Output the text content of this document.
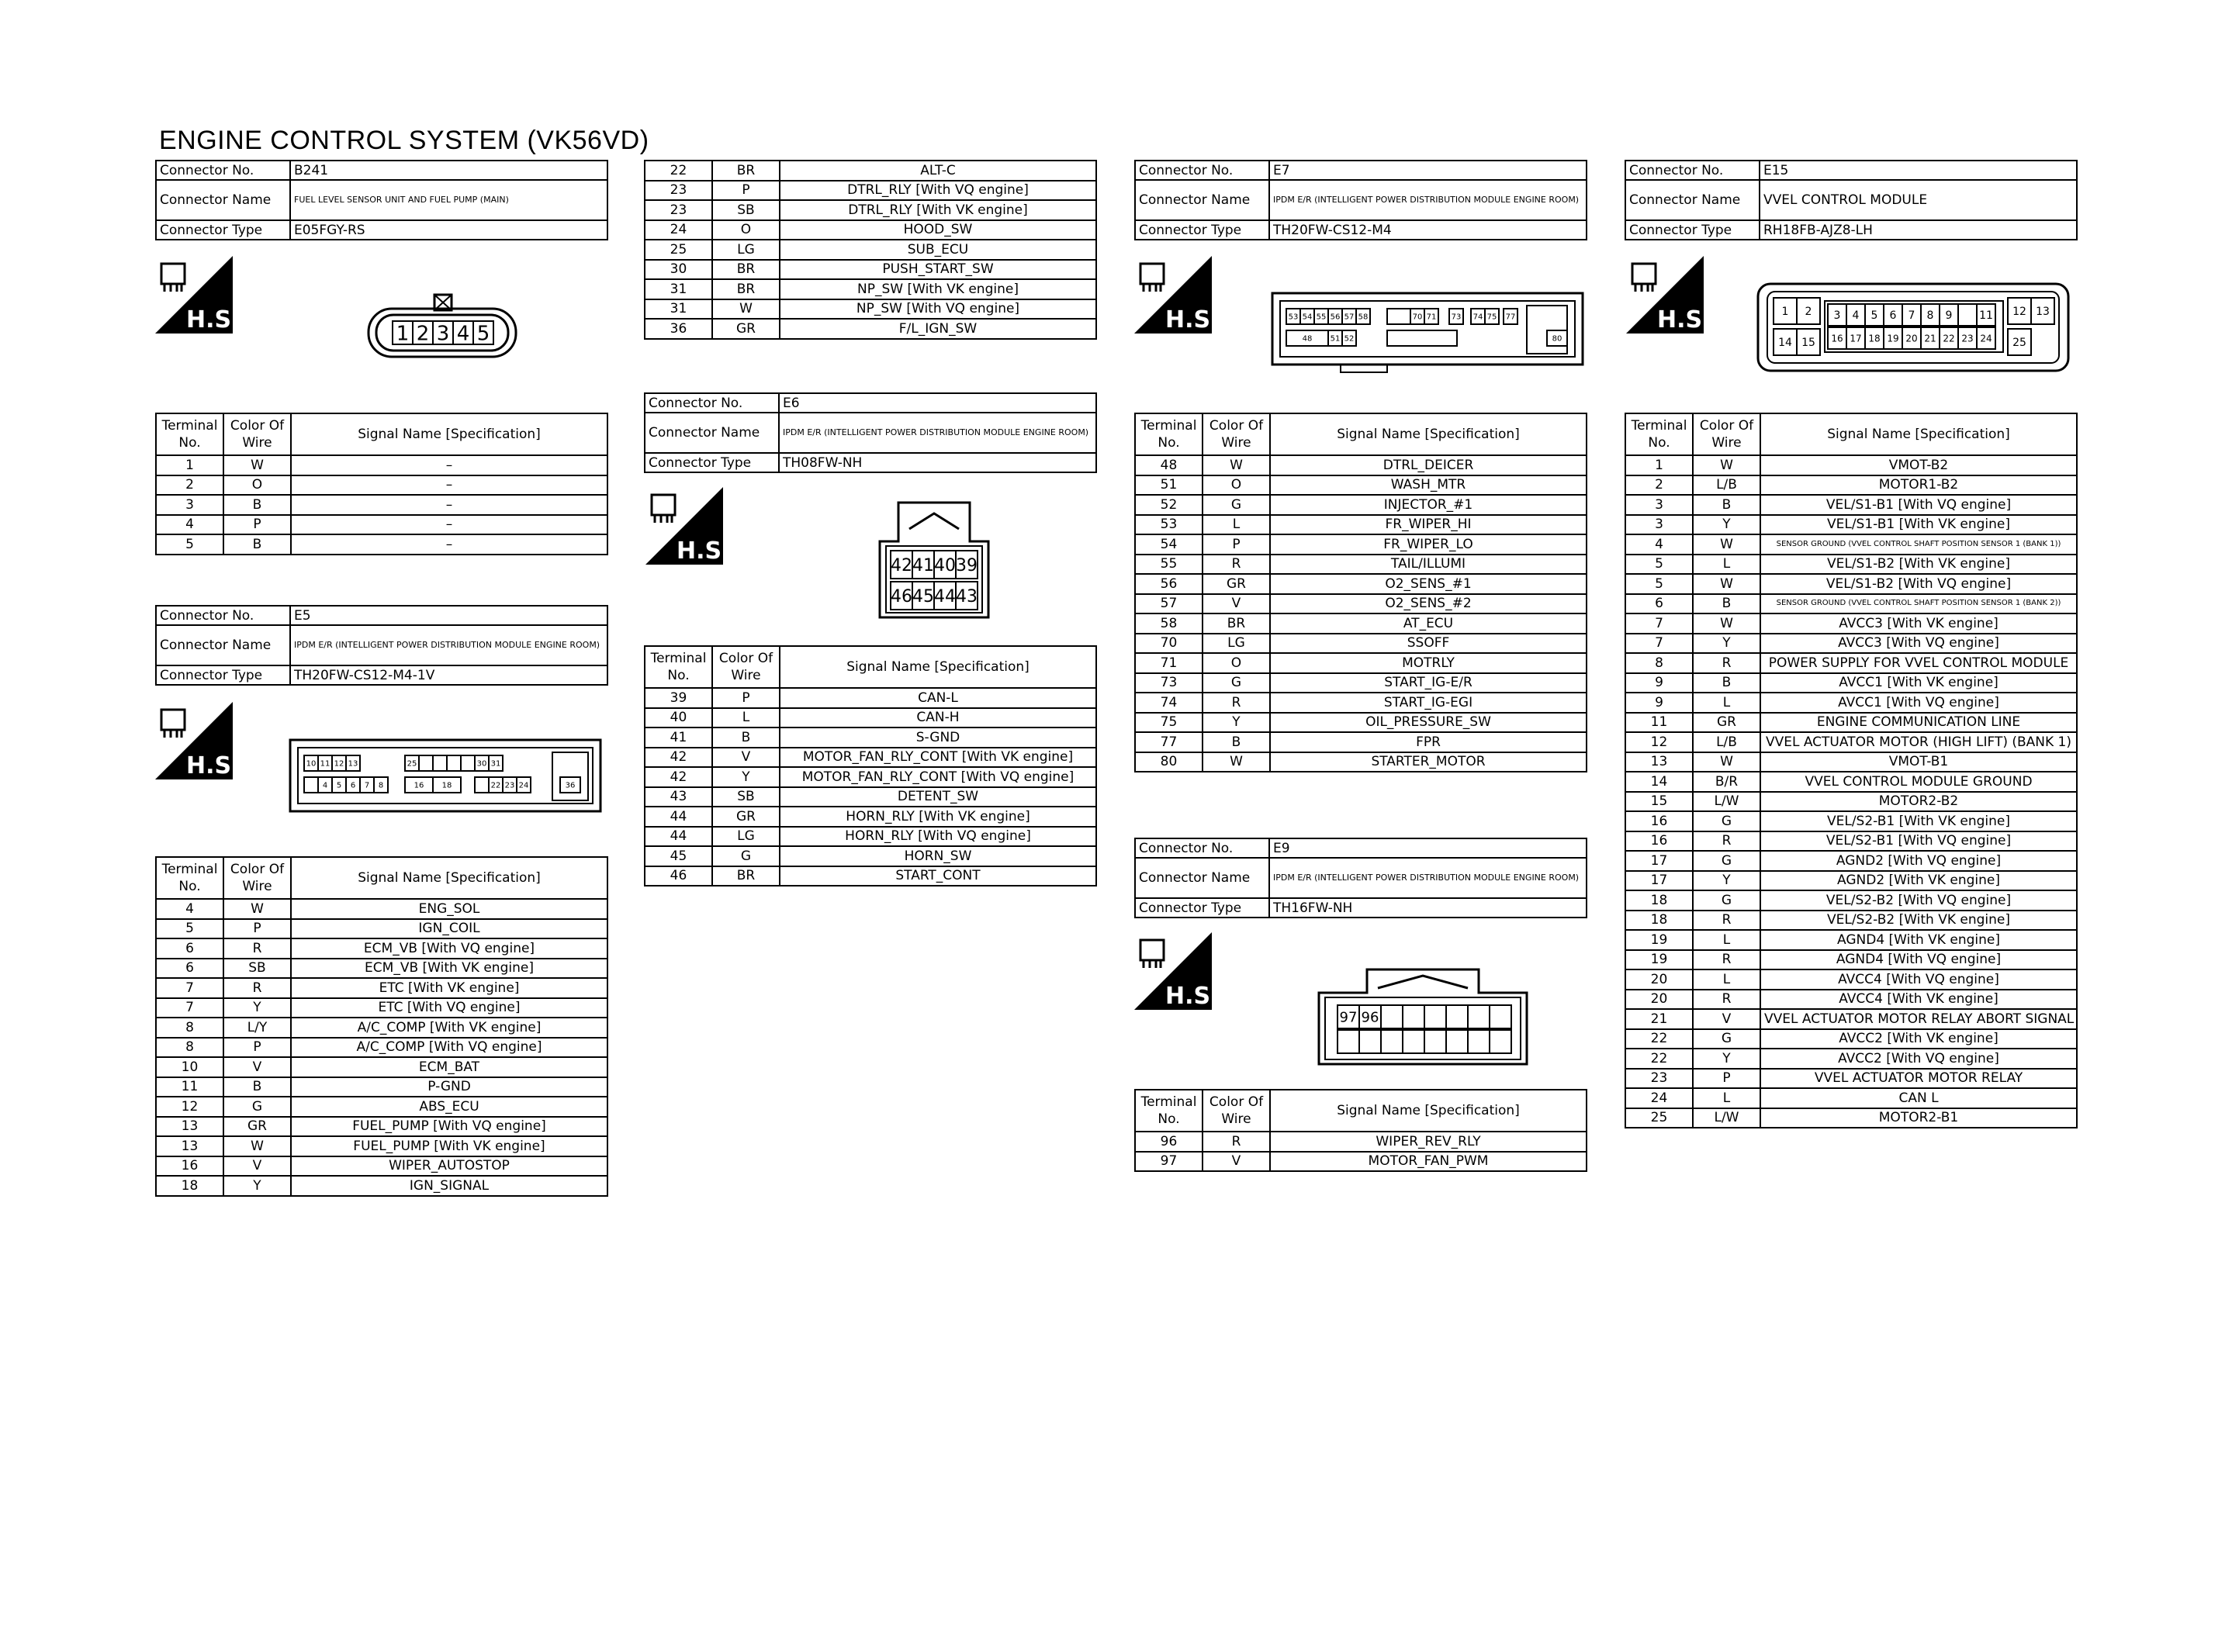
ENGINE CONTROL SYSTEM (VK56VD)
Connector No.	B241
Connector Name	FUEL LEVEL SENSOR UNIT AND FUEL PUMP (MAIN)
Connector Type	E05FGY-RS
H.S.
1 2 3 4 5
Terminal No.	Color Of Wire	Signal Name [Specification]
1	W	–
2	O	–
3	B	–
4	P	–
5	B	–
Connector No.	E5
Connector Name	IPDM E/R (INTELLIGENT POWER DISTRIBUTION MODULE ENGINE ROOM)
Connector Type	TH20FW-CS12-M4-1V
H.S.	10 11 12 13	25	30 31
4 5 6 7 8	16 18	22 23 24	36
Terminal No.	Color Of Wire	Signal Name [Specification]
4	W	ENG_SOL
5	P	IGN_COIL
6	R	ECM_VB [With VQ engine]
6	SB	ECM_VB [With VK engine]
7	R	ETC [With VK engine]
7	Y	ETC [With VQ engine]
8	L/Y	A/C_COMP [With VK engine]
8	P	A/C_COMP [With VQ engine]
10	V	ECM_BAT
11	B	P-GND
12	G	ABS_ECU
13	GR	FUEL_PUMP [With VQ engine]
13	W	FUEL_PUMP [With VK engine]
16	V	WIPER_AUTOSTOP
18	Y	IGN_SIGNAL
22	BR	ALT-C
23	P	DTRL_RLY [With VQ engine]
23	SB	DTRL_RLY [With VK engine]
24	O	HOOD_SW
25	LG	SUB_ECU
30	BR	PUSH_START_SW
31	BR	NP_SW [With VK engine]
31	W	NP_SW [With VQ engine]
36	GR	F/L_IGN_SW
Connector No.	E6
Connector Name	IPDM E/R (INTELLIGENT POWER DISTRIBUTION MODULE ENGINE ROOM)
Connector Type	TH08FW-NH
H.S.
42 41 40 39
46 45 44 43
Terminal No.	Color Of Wire	Signal Name [Specification]
39	P	CAN-L
40	L	CAN-H
41	B	S-GND
42	V	MOTOR_FAN_RLY_CONT [With VK engine]
42	Y	MOTOR_FAN_RLY_CONT [With VQ engine]
43	SB	DETENT_SW
44	GR	HORN_RLY [With VK engine]
44	LG	HORN_RLY [With VQ engine]
45	G	HORN_SW
46	BR	START_CONT
Connector No.	E7
Connector Name	IPDM E/R (INTELLIGENT POWER DISTRIBUTION MODULE ENGINE ROOM)
Connector Type	TH20FW-CS12-M4
H.S.	53 54 55 56 57 58	70 71 73 74 75 77
48 51 52	80
Terminal No.	Color Of Wire	Signal Name [Specification]
48	W	DTRL_DEICER
51	O	WASH_MTR
52	G	INJECTOR_#1
53	L	FR_WIPER_HI
54	P	FR_WIPER_LO
55	R	TAIL/ILLUMI
56	GR	O2_SENS_#1
57	V	O2_SENS_#2
58	BR	AT_ECU
70	LG	SSOFF
71	O	MOTRLY
73	G	START_IG-E/R
74	R	START_IG-EGI
75	Y	OIL_PRESSURE_SW
77	B	FPR
80	W	STARTER_MOTOR
Connector No.	E9
Connector Name	IPDM E/R (INTELLIGENT POWER DISTRIBUTION MODULE ENGINE ROOM)
Connector Type	TH16FW-NH
H.S.
97 96
Terminal No.	Color Of Wire	Signal Name [Specification]
96	R	WIPER_REV_RLY
97	V	MOTOR_FAN_PWM
Connector No.	E15
Connector Name	VVEL CONTROL MODULE
Connector Type	RH18FB-AJZ8-LH
H.S.	1 2 3 4 5 6 7 8 9 11 12 13
14 15 16 17 18 19 20 21 22 23 24 25
Terminal No.	Color Of Wire	Signal Name [Specification]
1	W	VMOT-B2
2	L/B	MOTOR1-B2
3	B	VEL/S1-B1 [With VQ engine]
3	Y	VEL/S1-B1 [With VK engine]
4	W	SENSOR GROUND (VVEL CONTROL SHAFT POSITION SENSOR 1 (BANK 1))
5	L	VEL/S1-B2 [With VK engine]
5	W	VEL/S1-B2 [With VQ engine]
6	B	SENSOR GROUND (VVEL CONTROL SHAFT POSITION SENSOR 1 (BANK 2))
7	W	AVCC3 [With VK engine]
7	Y	AVCC3 [With VQ engine]
8	R	POWER SUPPLY FOR VVEL CONTROL MODULE
9	B	AVCC1 [With VK engine]
9	L	AVCC1 [With VQ engine]
11	GR	ENGINE COMMUNICATION LINE
12	L/B	VVEL ACTUATOR MOTOR (HIGH LIFT) (BANK 1)
13	W	VMOT-B1
14	B/R	VVEL CONTROL MODULE GROUND
15	L/W	MOTOR2-B2
16	G	VEL/S2-B1 [With VK engine]
16	R	VEL/S2-B1 [With VQ engine]
17	G	AGND2 [With VQ engine]
17	Y	AGND2 [With VK engine]
18	G	VEL/S2-B2 [With VQ engine]
18	R	VEL/S2-B2 [With VK engine]
19	L	AGND4 [With VK engine]
19	R	AGND4 [With VQ engine]
20	L	AVCC4 [With VQ engine]
20	R	AVCC4 [With VK engine]
21	V	VVEL ACTUATOR MOTOR RELAY ABORT SIGNAL
22	G	AVCC2 [With VK engine]
22	Y	AVCC2 [With VQ engine]
23	P	VVEL ACTUATOR MOTOR RELAY
24	L	CAN L
25	L/W	MOTOR2-B1
